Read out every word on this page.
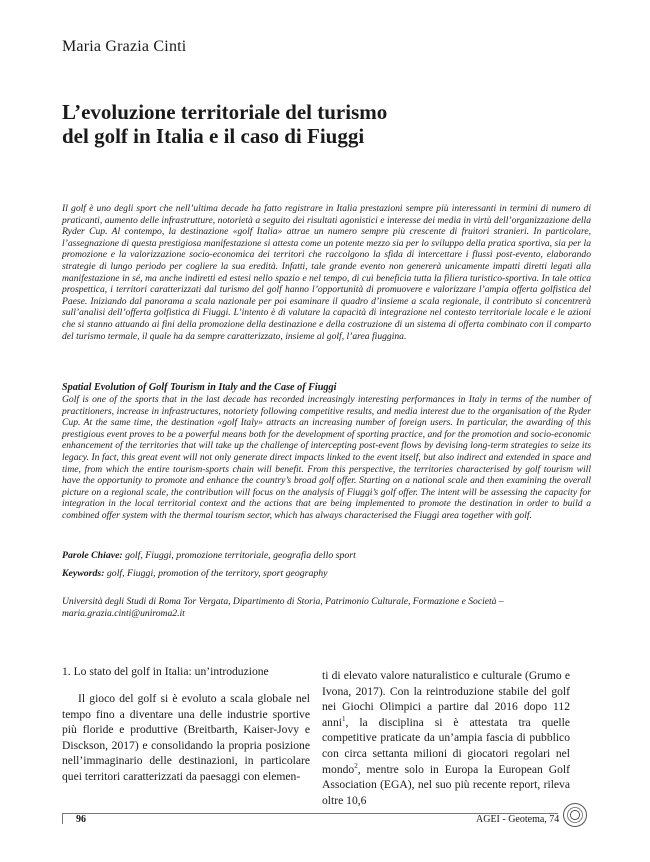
Maria Grazia Cinti
L’evoluzione territoriale del turismo
del golf in Italia e il caso di Fiuggi

Il golf è uno degli sport che nell’ultima decade ha fatto registrare in Italia prestazioni sempre più interessanti in termini di numero di praticanti, aumento delle infrastrutture, notorietà a seguito dei risultati agonistici e interesse dei media in virtù dell’organizzazione della Ryder Cup. Al contempo, la destinazione «golf Italia» attrae un numero sempre più crescente di fruitori stranieri. In particolare, l’assegnazione di questa prestigiosa manifestazione si attesta come un potente mezzo sia per lo sviluppo della pratica sportiva, sia per la promozione e la valorizzazione socio-economica dei territori che raccolgono la sfida di intercettare i flussi post-evento, elaborando strategie di lungo periodo per cogliere la sua eredità. Infatti, tale grande evento non genererà unicamente impatti diretti legati alla manifestazione in sé, ma anche indiretti ed estesi nello spazio e nel tempo, di cui beneficia tutta la filiera turistico-sportiva. In tale ottica prospettica, i territori caratterizzati dal turismo del golf hanno l’opportunità di promuovere e valorizzare l’ampia offerta golfistica del Paese. Iniziando dal panorama a scala nazionale per poi esaminare il quadro d’insieme a scala regionale, il contributo si concentrerà sull’analisi dell’offerta golfistica di Fiuggi. L’intento è di valutare la capacità di integrazione nel contesto territoriale locale e le azioni che si stanno attuando ai fini della promozione della destinazione e della costruzione di un sistema di offerta combinato con il comparto del turismo termale, il quale ha da sempre caratterizzato, insieme al golf, l’area fiuggina.

Spatial Evolution of Golf Tourism in Italy and the Case of Fiuggi

Golf is one of the sports that in the last decade has recorded increasingly interesting performances in Italy in terms of the number of practitioners, increase in infrastructures, notoriety following competitive results, and media interest due to the organisation of the Ryder Cup. At the same time, the destination «golf Italy» attracts an increasing number of foreign users. In particular, the awarding of this prestigious event proves to be a powerful means both for the development of sporting practice, and for the promotion and socio-economic enhancement of the territories that will take up the challenge of intercepting post-event flows by devising long-term strategies to seize its legacy. In fact, this great event will not only generate direct impacts linked to the event itself, but also indirect and extended in space and time, from which the entire tourism-sports chain will benefit. From this perspective, the territories characterised by golf tourism will have the opportunity to promote and enhance the country’s broad golf offer. Starting on a national scale and then examining the overall picture on a regional scale, the contribution will focus on the analysis of Fiuggi’s golf offer. The intent will be assessing the capacity for integration in the local territorial context and the actions that are being implemented to promote the destination in order to build a combined offer system with the thermal tourism sector, which has always characterised the Fiuggi area together with golf.

Parole Chiave: golf, Fiuggi, promozione territoriale, geografia dello sport
Keywords: golf, Fiuggi, promotion of the territory, sport geography

Università degli Studi di Roma Tor Vergata, Dipartimento di Storia, Patrimonio Culturale, Formazione e Società –
maria.grazia.cinti@uniroma2.it

1. Lo stato del golf in Italia: un’introduzione

Il gioco del golf si è evoluto a scala globale nel tempo fino a diventare una delle industrie sportive più floride e produttive (Breitbarth, Kaiser-Jovy e Disckson, 2017) e consolidando la propria posizione nell’immaginario delle destinazioni, in particolare quei territori caratterizzati da paesaggi con elemen-

ti di elevato valore naturalistico e culturale (Grumo e Ivona, 2017). Con la reintroduzione stabile del golf nei Giochi Olimpici a partire dal 2016 dopo 112 anni$^1$, la disciplina si è attestata tra quelle competitive praticate da un’ampia fascia di pubblico con circa settanta milioni di giocatori regolari nel mondo$^2$, mentre solo in Europa la European Golf Association (EGA), nel suo più recente report, rileva oltre 10,6

96	AGEI - Geotema, 74
